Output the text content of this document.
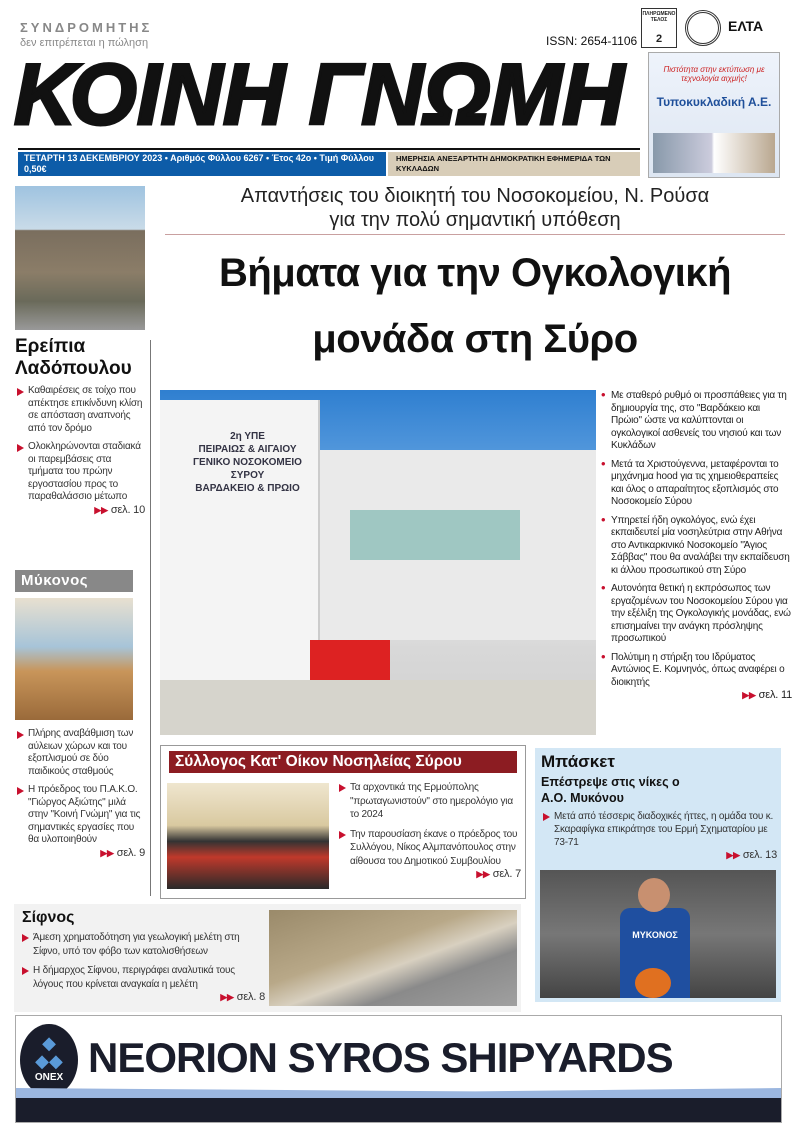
ΣΥΝΔΡΟΜΗΤΗΣ
δεν επιτρέπεται η πώληση	ISSN: 2654-1106
ΠΛΗΡΩΜΕΝΟ ΤΕΛΟΣ
2
ΕΛΤΑ
ΚΟΙΝΗ ΓΝΩΜΗ
ΤΕΤΑΡΤΗ 13 ΔΕΚΕΜΒΡΙΟΥ 2023 • Αριθμός Φύλλου 6267 • Έτος 42ο • Τιμή Φύλλου 0,50€
ΗΜΕΡΗΣΙΑ ΑΝΕΞΑΡΤΗΤΗ ΔΗΜΟΚΡΑΤΙΚΗ ΕΦΗΜΕΡΙΔΑ ΤΩΝ ΚΥΚΛΑΔΩΝ
Πιστότητα στην εκτύπωση με τεχνολογία αιχμής!
Τυποκυκλαδική Α.Ε.
Ερείπια Λαδόπουλου
Καθαιρέσεις σε τοίχο που απέκτησε επικίνδυνη κλίση σε απόσταση αναπνοής από τον δρόμο
Ολοκληρώνονται σταδιακά οι παρεμβάσεις στα τμήματα του πρώην εργοστασίου προς το παραθαλάσσιο μέτωπο
▶▶ σελ. 10
Μύκονος
Πλήρης αναβάθμιση των αύλειων χώρων και του εξοπλισμού σε δύο παιδικούς σταθμούς
Η πρόεδρος του Π.Α.Κ.Ο. "Γιώργος Αξιώτης" μιλά στην "Κοινή Γνώμη" για τις σημαντικές εργασίες που θα υλοποιηθούν
▶▶ σελ. 9
Απαντήσεις του διοικητή του Νοσοκομείου, Ν. Ρούσα
για την πολύ σημαντική υπόθεση
Βήματα για την Ογκολογική
μονάδα στη Σύρο
2η ΥΠΕ
ΠΕΙΡΑΙΩΣ & ΑΙΓΑΙΟΥ
ΓΕΝΙΚΟ ΝΟΣΟΚΟΜΕΙΟ
ΣΥΡΟΥ
ΒΑΡΔΑΚΕΙΟ & ΠΡΩΙΟ
• Με σταθερό ρυθμό οι προσπάθειες για τη δημιουργία της, στο "Βαρδάκειο και Πρώιο" ώστε να καλύπτονται οι ογκολογικοί ασθενείς του νησιού και των Κυκλάδων
• Μετά τα Χριστούγεννα, μεταφέρονται το μηχάνημα hood για τις χημειοθεραπείες και όλος ο απαραίτητος εξοπλισμός στο Νοσοκομείο Σύρου
• Υπηρετεί ήδη ογκολόγος, ενώ έχει εκπαιδευτεί μία νοσηλεύτρια στην Αθήνα στο Αντικαρκινικό Νοσοκομείο "Άγιος Σάββας" που θα αναλάβει την εκπαίδευση κι άλλου προσωπικού στη Σύρο
• Αυτονόητα θετική η εκπρόσωπος των εργαζομένων του Νοσοκομείου Σύρου για την εξέλιξη της Ογκολογικής μονάδας, ενώ επισημαίνει την ανάγκη πρόσληψης προσωπικού
• Πολύτιμη η στήριξη του Ιδρύματος Αντώνιος Ε. Κομνηνός, όπως αναφέρει ο διοικητής
▶▶ σελ. 11
Σύλλογος Κατ' Οίκον Νοσηλείας Σύρου
Τα αρχοντικά της Ερμούπολης "πρωταγωνιστούν" στο ημερολόγιο για το 2024
Την παρουσίαση έκανε ο πρόεδρος του Συλλόγου, Νίκος Αλμπανόπουλος στην αίθουσα του Δημοτικού Συμβουλίου
▶▶ σελ. 7
Μπάσκετ
Επέστρεψε στις νίκες ο Α.Ο. Μυκόνου
Μετά από τέσσερις διαδοχικές ήττες, η ομάδα του κ. Σκαραφίγκα επικράτησε του Ερμή Σχηματαρίου με 73-71
▶▶ σελ. 13
ΜΥΚΟΝΟΣ
Σίφνος
Άμεση χρηματοδότηση για γεωλογική μελέτη στη Σίφνο, υπό τον φόβο των κατολισθήσεων
Η δήμαρχος Σίφνου, περιγράφει αναλυτικά τους λόγους που κρίνεται αναγκαία η μελέτη
▶▶ σελ. 8
◆
◆◆
ONEX NEORION SYROS SHIPYARDS
